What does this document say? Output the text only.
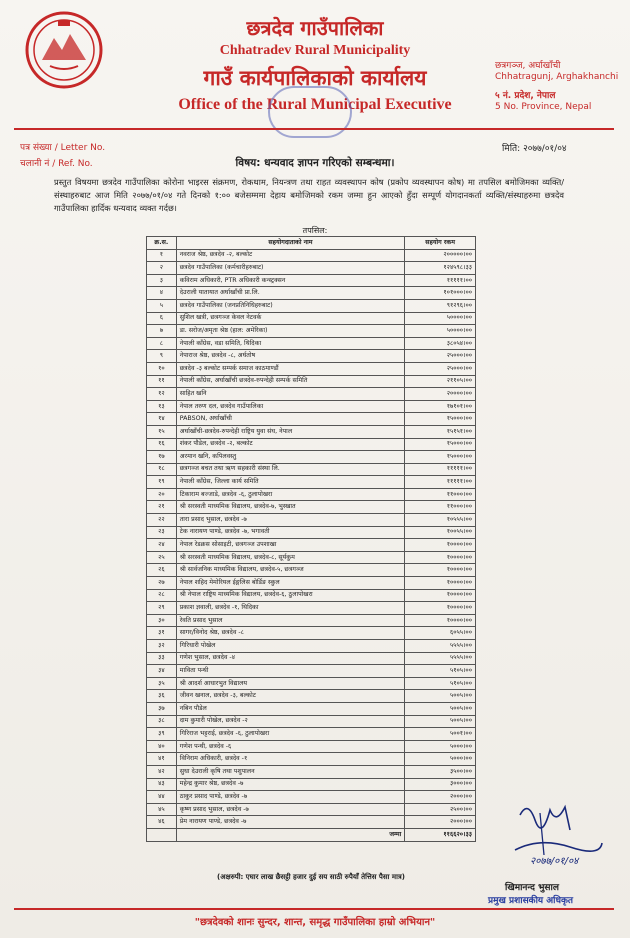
छत्रदेव गाउँपालिका
Chhatradev Rural Municipality
गाउँ कार्यपालिकाको कार्यालय
Office of the Rural Municipal Executive
छत्रगञ्ज, अर्घाखाँची
Chhatragunj, Arghakhanchi
५ नं. प्रदेश, नेपाल
5 No. Province, Nepal
पत्र संख्या / Letter No.
चलानी नं / Ref. No.
मिति: २०७७/०१/०४
विषय: धन्यवाद ज्ञापन गरिएको सम्बन्धमा।
प्रस्तुत विषयमा छत्रदेव गाउँपालिका कोरोना भाइरस संक्रमण, रोकथाम, नियन्त्रण तथा राहत व्यवस्थापन कोष (प्रकोप व्यवस्थापन कोष) मा तपसिल बमोजिमका व्यक्ति/संस्थाहरुबाट आज मिति २०७७/०१/०४ गते दिनको १:०० बजेसम्ममा देहाय बमोजिमको रकम जम्मा हुन आएको हुँदा सम्पूर्ण योगदानकर्ता व्यक्ति/संस्थाहरुमा छत्रदेव गाउँपालिका हार्दिक धन्यवाद व्यक्त गर्दछ।
तपसिल:
क्र.स.	सहयोगदाताको नाम	सहयोग रकम
१	नवराज श्रेष्ठ, छत्रदेव -२, बल्कोट	२०००००।००
२	छत्रदेव गाउँपालिका (कर्मचारीहरुबाट)	१२४५९८।३३
३	कविराम अधिकारी, PTR अधिकारी कन्स्ट्रक्सन	१११११।००
४	देउराली यातायात अर्घाखाँची प्रा.लि.	१०१०००।००
५	छत्रदेव गाउँपालिका (जनप्रतिनिधिहरुबाट)	९१२९६।००
६	सुशिल खत्री, छत्रगञ्ज केवल नेटवर्क	५००००।००
७	डा. सरोज/अमृता श्रेष्ठ (हाल: अमेरिका)	५००००।००
८	नेपाली काँग्रेस, वडा समिति, थिदिका	३८०५४।००
९	नेपाराज श्रेष्ठ, छत्रदेव -८, अर्घतोष	२५०००।००
१०	छत्रदेव -३ बल्कोट सम्पर्क समाज काठमाण्डौं	२५०००।००
११	नेपाली काँग्रेस, अर्घाखाँची छत्रदेव-रुपन्देही सम्पर्क समिति	२११०५।००
१२	साहित खनि	२००००।००
१३	नेपाल तरुण दल, छत्रदेव गाउँपालिका	१७१०१।००
१४	PABSON, अर्घाखाँची	१५०००।००
१५	अर्घाखाँची-छत्रदेव-रुपन्देही राष्ट्रिय युवा संघ, नेपाल	१५१५१।००
१६	शंकर पौडेल, छत्रदेव -२, बल्कोट	१५०००।००
१७	अरमान खनि, कपिलवस्तु	१५०००।००
१८	छत्रगञ्ज बचत तथा ऋण सहकारी संस्था लि.	१११११।००
१९	नेपाली काँग्रेस, जिल्ला कार्य समिति	१११११।००
२०	टिकाराम बज्जाडे, छत्रदेव -६, ठुलापोखरा	११०००।००
२१	श्री सरस्वती माध्यमिक विद्यालय, छत्रदेव-७, भुस्खात	११०००।००
२२	तारा प्रसाद भुसाल, छत्रदेव -७	१०५५५।००
२३	टेक नारायण पाण्डे, छत्रदेव -७, भगावती	१००५५।००
२४	नेपाल रेडक्रस सोसाइटी, छत्रगञ्ज उपशाखा	१००००।००
२५	श्री सरस्वती माध्यमिक विद्यालय, छत्रदेव-८, सूर्यकुम	१००००।००
२६	श्री सार्वजनिक माध्यमिक विद्यालय, छत्रदेव-५, छत्रगञ्ज	१००००।००
२७	नेपाल शहिद मेमोरियल ईङ्गलिस बोर्डिङ स्कुल	१००००।००
२८	श्री नेपाल राष्ट्रिय माध्यमिक विद्यालय, छत्रदेव-६, ठुलापोखरा	१००००।००
२९	प्रकाश ज्ञवाली, छत्रदेव -१, थिदिका	१००००।००
३०	रेवति प्रसाद भुसाल	१००००।००
३१	सागर/विनोद श्रेष्ठ, छत्रदेव -८	६०५५।००
३२	गिरिधारी पोखेल	५५५५।००
३३	गणेश भुसाल, छत्रदेव -४	५५५५।००
३४	माविता पन्थी	५१०५।००
३५	श्री आदर्श आधारभुत विद्यालय	५१०५।००
३६	जीवन खनाल, छत्रदेव -३, बल्कोट	५००५।००
३७	नबिन पौडेल	५००५।००
३८	दाम कुमारी पोखेल, छत्रदेव -२	५००५।००
३९	गिरिराज भट्टराई, छत्रदेव -६, ठुलापोखरा	५००१।००
४०	गणेश पन्थी, छत्रदेव -६	५०००।००
४१	विनिराम अधिकारी, छत्रदेव -१	५०००।००
४२	सुधा देउराली कृषि तथा पशुपालन	३५००।००
४३	महेन्द्र कुमार श्रेष्ठ, छत्रदेव -७	३०००।००
४४	ठाकुर प्रसाद पाण्डे, छत्रदेव -७	२०००।००
४५	कृष्ण प्रसाद भुसाल, छत्रदेव -७	२५००।००
४६	प्रेम नारायण पाण्डे, छत्रदेव -७	२०००।००
	जम्मा	११६६२०।३३
(अक्षरुपी: एघार लाख छैसट्ठी हजार दुई सय साठी रुपैयाँ तेत्तिस पैसा मात्र)
२०७७/०१/०४
खिमानन्द भुसाल
प्रमुख प्रशासकीय अधिकृत
"छत्रदेवको शानः सुन्दर, शान्त, समृद्ध गाउँपालिका हाम्रो अभियान"
